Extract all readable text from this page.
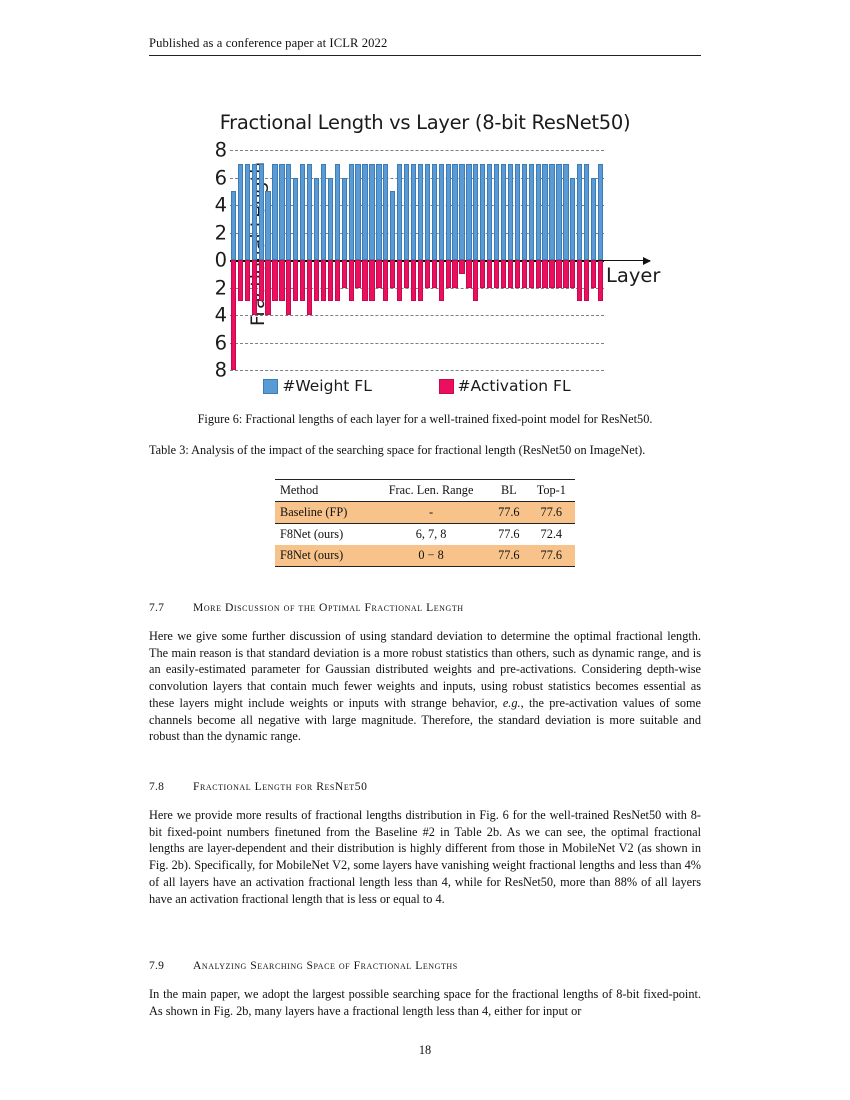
Published as a conference paper at ICLR 2022
Fractional Length vs Layer (8-bit ResNet50)
8
6
4
2
0
2
4
6
8
Layer
#Weight FL	#Activation FL
Figure 6: Fractional lengths of each layer for a well-trained fixed-point model for ResNet50.
Table 3: Analysis of the impact of the searching space for fractional length (ResNet50 on ImageNet).
Method	Frac. Len. Range	BL	Top-1
Baseline (FP)	-	77.6	77.6
F8Net (ours)	6, 7, 8	77.6	72.4
F8Net (ours)	0 − 8	77.6	77.6
7.7 More Discussion of the Optimal Fractional Length
Here we give some further discussion of using standard deviation to determine the optimal fractional length. The main reason is that standard deviation is a more robust statistics than others, such as dynamic range, and is an easily-estimated parameter for Gaussian distributed weights and pre-activations. Considering depth-wise convolution layers that contain much fewer weights and inputs, using robust statistics becomes essential as these layers might include weights or inputs with strange behavior, e.g., the pre-activation values of some channels become all negative with large magnitude. Therefore, the standard deviation is more suitable and robust than the dynamic range.
7.8 Fractional Length for ResNet50
Here we provide more results of fractional lengths distribution in Fig. 6 for the well-trained ResNet50 with 8-bit fixed-point numbers finetuned from the Baseline #2 in Table 2b. As we can see, the optimal fractional lengths are layer-dependent and their distribution is highly different from those in MobileNet V2 (as shown in Fig. 2b). Specifically, for MobileNet V2, some layers have vanishing weight fractional lengths and less than 4% of all layers have an activation fractional length less than 4, while for ResNet50, more than 88% of all layers have an activation fractional length that is less or equal to 4.
7.9 Analyzing Searching Space of Fractional Lengths
In the main paper, we adopt the largest possible searching space for the fractional lengths of 8-bit fixed-point. As shown in Fig. 2b, many layers have a fractional length less than 4, either for input or
18
